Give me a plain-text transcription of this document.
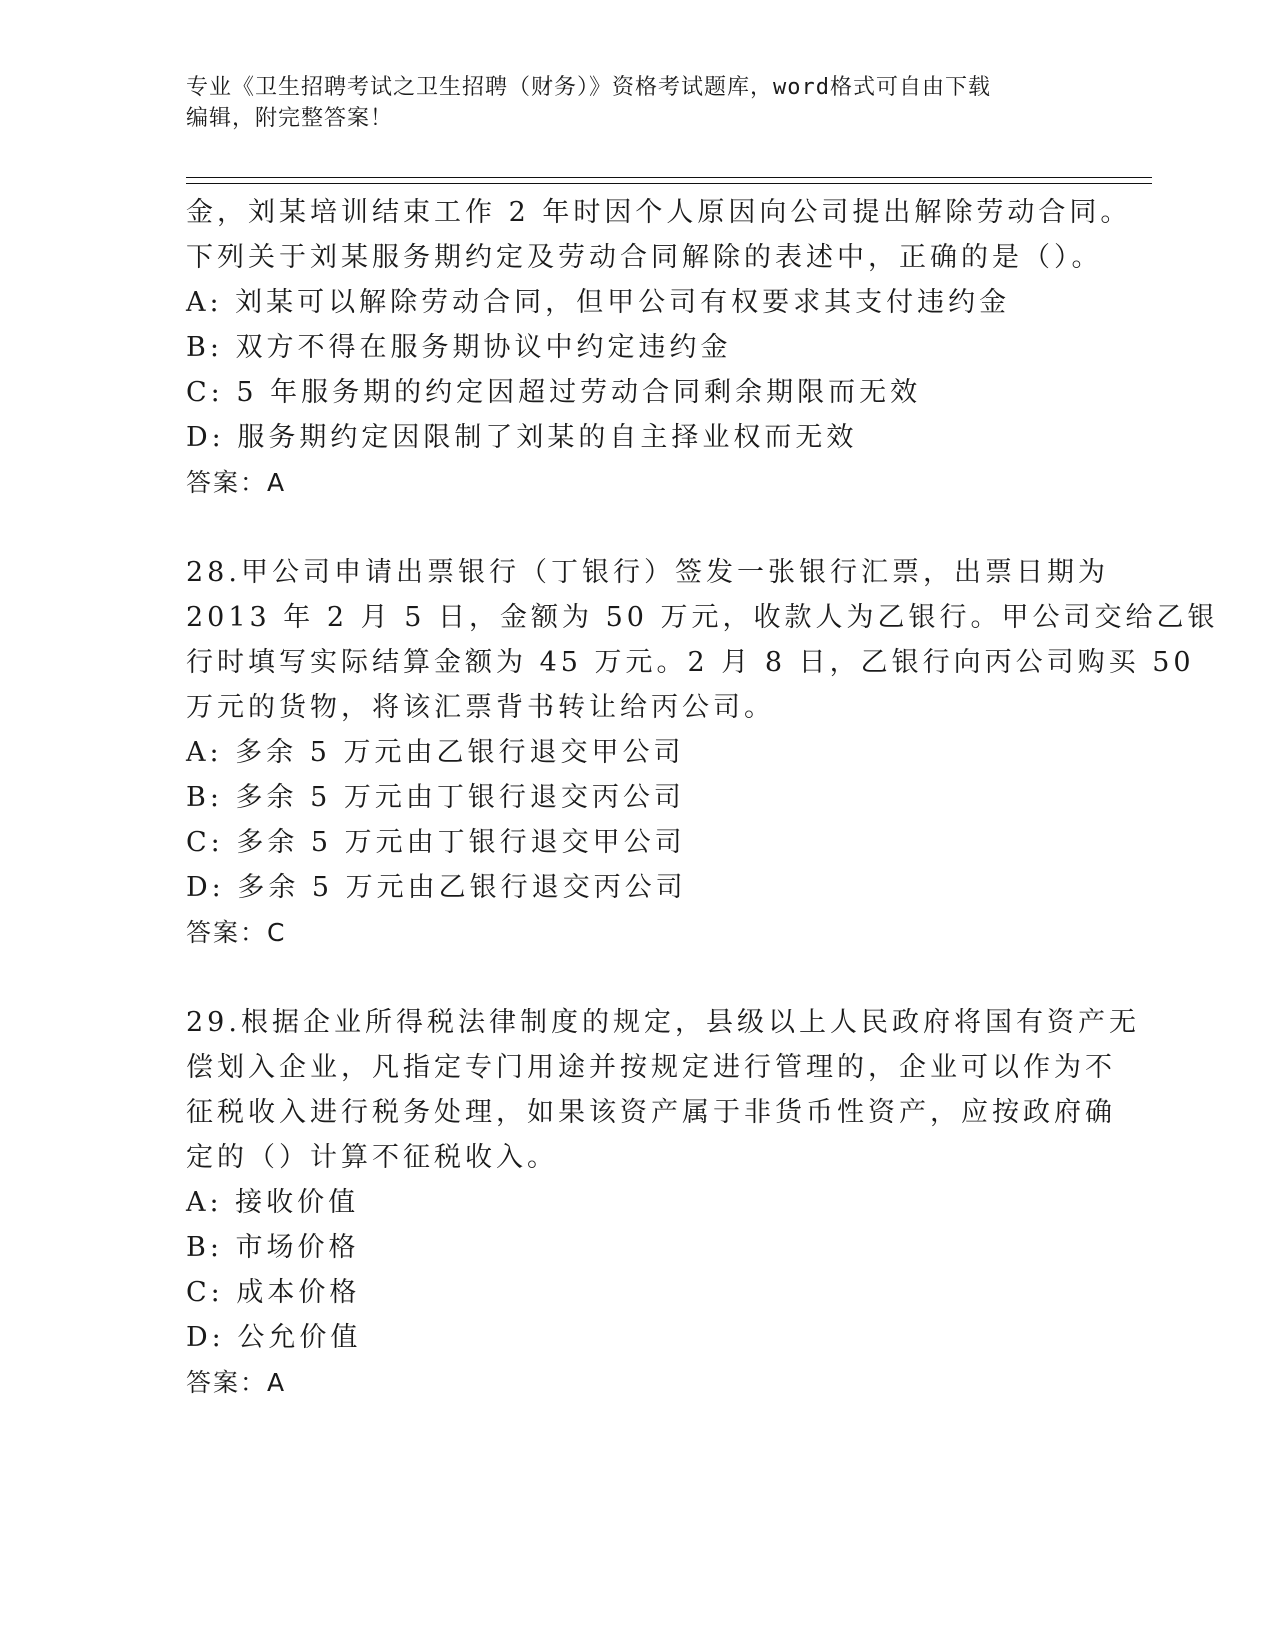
专业《卫生招聘考试之卫生招聘（财务）》资格考试题库，word格式可自由下载
编辑，附完整答案！
金，刘某培训结束工作 2 年时因个人原因向公司提出解除劳动合同。
下列关于刘某服务期约定及劳动合同解除的表述中，正确的是（）。
A: 刘某可以解除劳动合同，但甲公司有权要求其支付违约金
B: 双方不得在服务期协议中约定违约金
C: 5 年服务期的约定因超过劳动合同剩余期限而无效
D: 服务期约定因限制了刘某的自主择业权而无效
答案：A
28.甲公司申请出票银行（丁银行）签发一张银行汇票，出票日期为
2013 年 2 月 5 日，金额为 50 万元，收款人为乙银行。甲公司交给乙银
行时填写实际结算金额为 45 万元。2 月 8 日，乙银行向丙公司购买 50
万元的货物，将该汇票背书转让给丙公司。
A: 多余 5 万元由乙银行退交甲公司
B: 多余 5 万元由丁银行退交丙公司
C: 多余 5 万元由丁银行退交甲公司
D: 多余 5 万元由乙银行退交丙公司
答案：C
29.根据企业所得税法律制度的规定，县级以上人民政府将国有资产无
偿划入企业，凡指定专门用途并按规定进行管理的，企业可以作为不
征税收入进行税务处理，如果该资产属于非货币性资产，应按政府确
定的（）计算不征税收入。
A: 接收价值
B: 市场价格
C: 成本价格
D: 公允价值
答案：A
